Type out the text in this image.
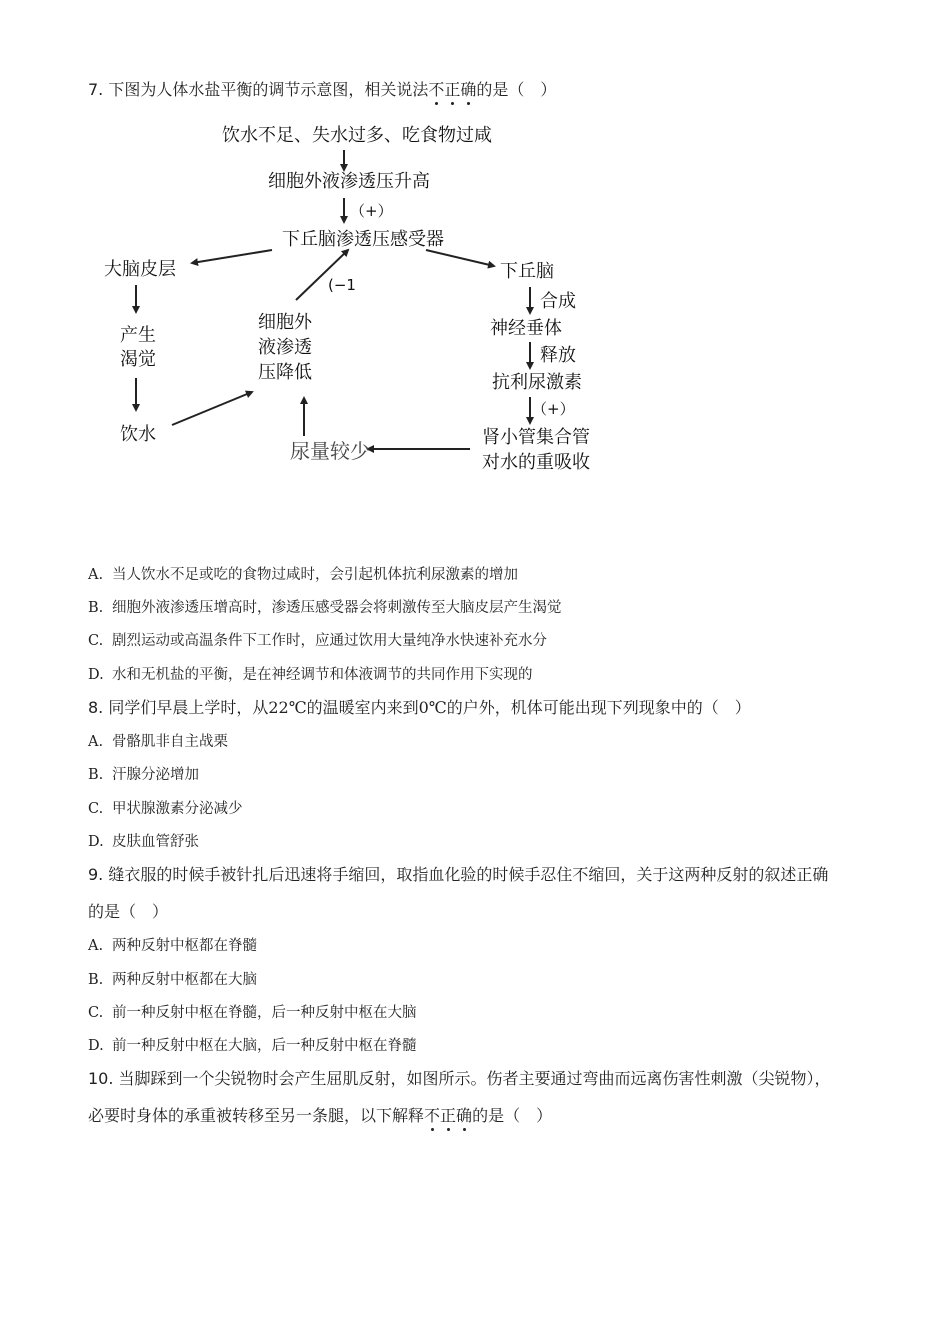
7. 下图为人体水盐平衡的调节示意图，相关说法不正确的是（　）
饮水不足、失水过多、吃食物过咸
细胞外液渗透压升高
（+）
下丘脑渗透压感受器
大脑皮层
产生
渴觉
饮水
细胞外
液渗透
压降低
(−1
下丘脑
合成
神经垂体
释放
抗利尿激素
（+）
肾小管集合管
对水的重吸收
尿量较少
A. 当人饮水不足或吃的食物过咸时，会引起机体抗利尿激素的增加
B. 细胞外液渗透压增高时，渗透压感受器会将刺激传至大脑皮层产生渴觉
C. 剧烈运动或高温条件下工作时，应通过饮用大量纯净水快速补充水分
D. 水和无机盐的平衡，是在神经调节和体液调节的共同作用下实现的
8. 同学们早晨上学时，从22℃的温暖室内来到0℃的户外，机体可能出现下列现象中的（　）
A. 骨骼肌非自主战栗
B. 汗腺分泌增加
C. 甲状腺激素分泌减少
D. 皮肤血管舒张
9. 缝衣服的时候手被针扎后迅速将手缩回，取指血化验的时候手忍住不缩回，关于这两种反射的叙述正确
的是（　）
A. 两种反射中枢都在脊髓
B. 两种反射中枢都在大脑
C. 前一种反射中枢在脊髓，后一种反射中枢在大脑
D. 前一种反射中枢在大脑，后一种反射中枢在脊髓
10. 当脚踩到一个尖锐物时会产生屈肌反射，如图所示。伤者主要通过弯曲而远离伤害性刺激（尖锐物），
必要时身体的承重被转移至另一条腿，以下解释不正确的是（　）
